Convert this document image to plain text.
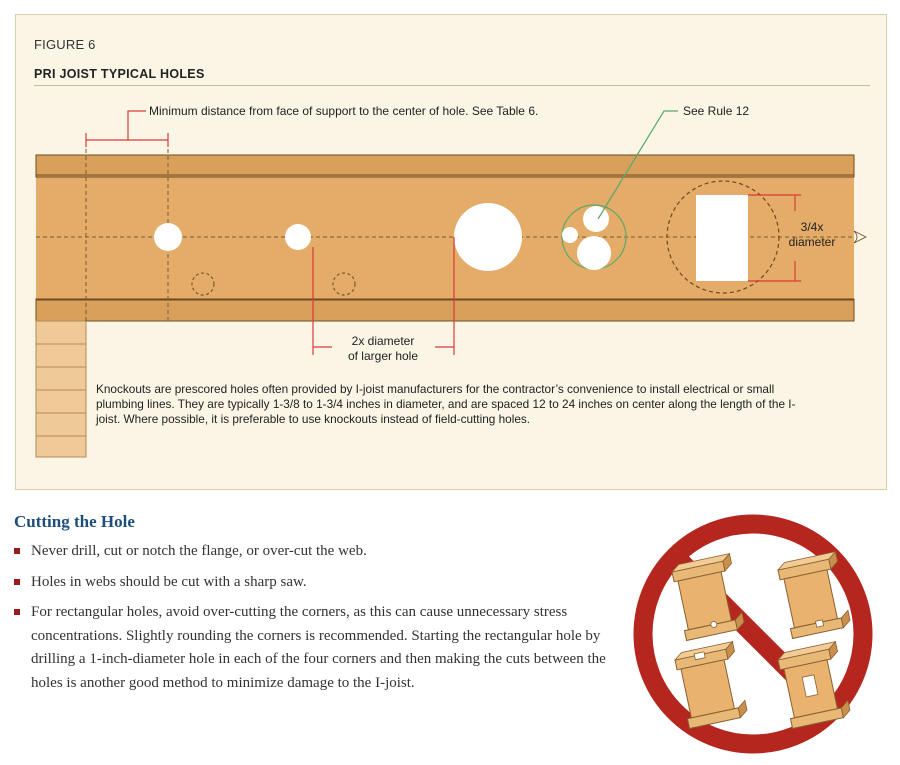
FIGURE 6
PRI JOIST TYPICAL HOLES
Minimum distance from face of support to the center of hole. See Table 6.	See Rule 12
2x diameter
of larger hole
3/4x
diameter
Knockouts are prescored holes often provided by I-joist manufacturers for the contractor’s convenience to install electrical or small plumbing lines. They are typically 1-3/8 to 1-3/4 inches in diameter, and are spaced 12 to 24 inches on center along the length of the I-joist. Where possible, it is preferable to use knockouts instead of field-cutting holes.
Cutting the Hole
Never drill, cut or notch the flange, or over-cut the web.
Holes in webs should be cut with a sharp saw.
For rectangular holes, avoid over-cutting the corners, as this can cause unnecessary stress concentrations. Slightly rounding the corners is recommended. Starting the rectangular hole by drilling a 1-inch-diameter hole in each of the four corners and then making the cuts between the holes is another good method to minimize damage to the I-joist.
